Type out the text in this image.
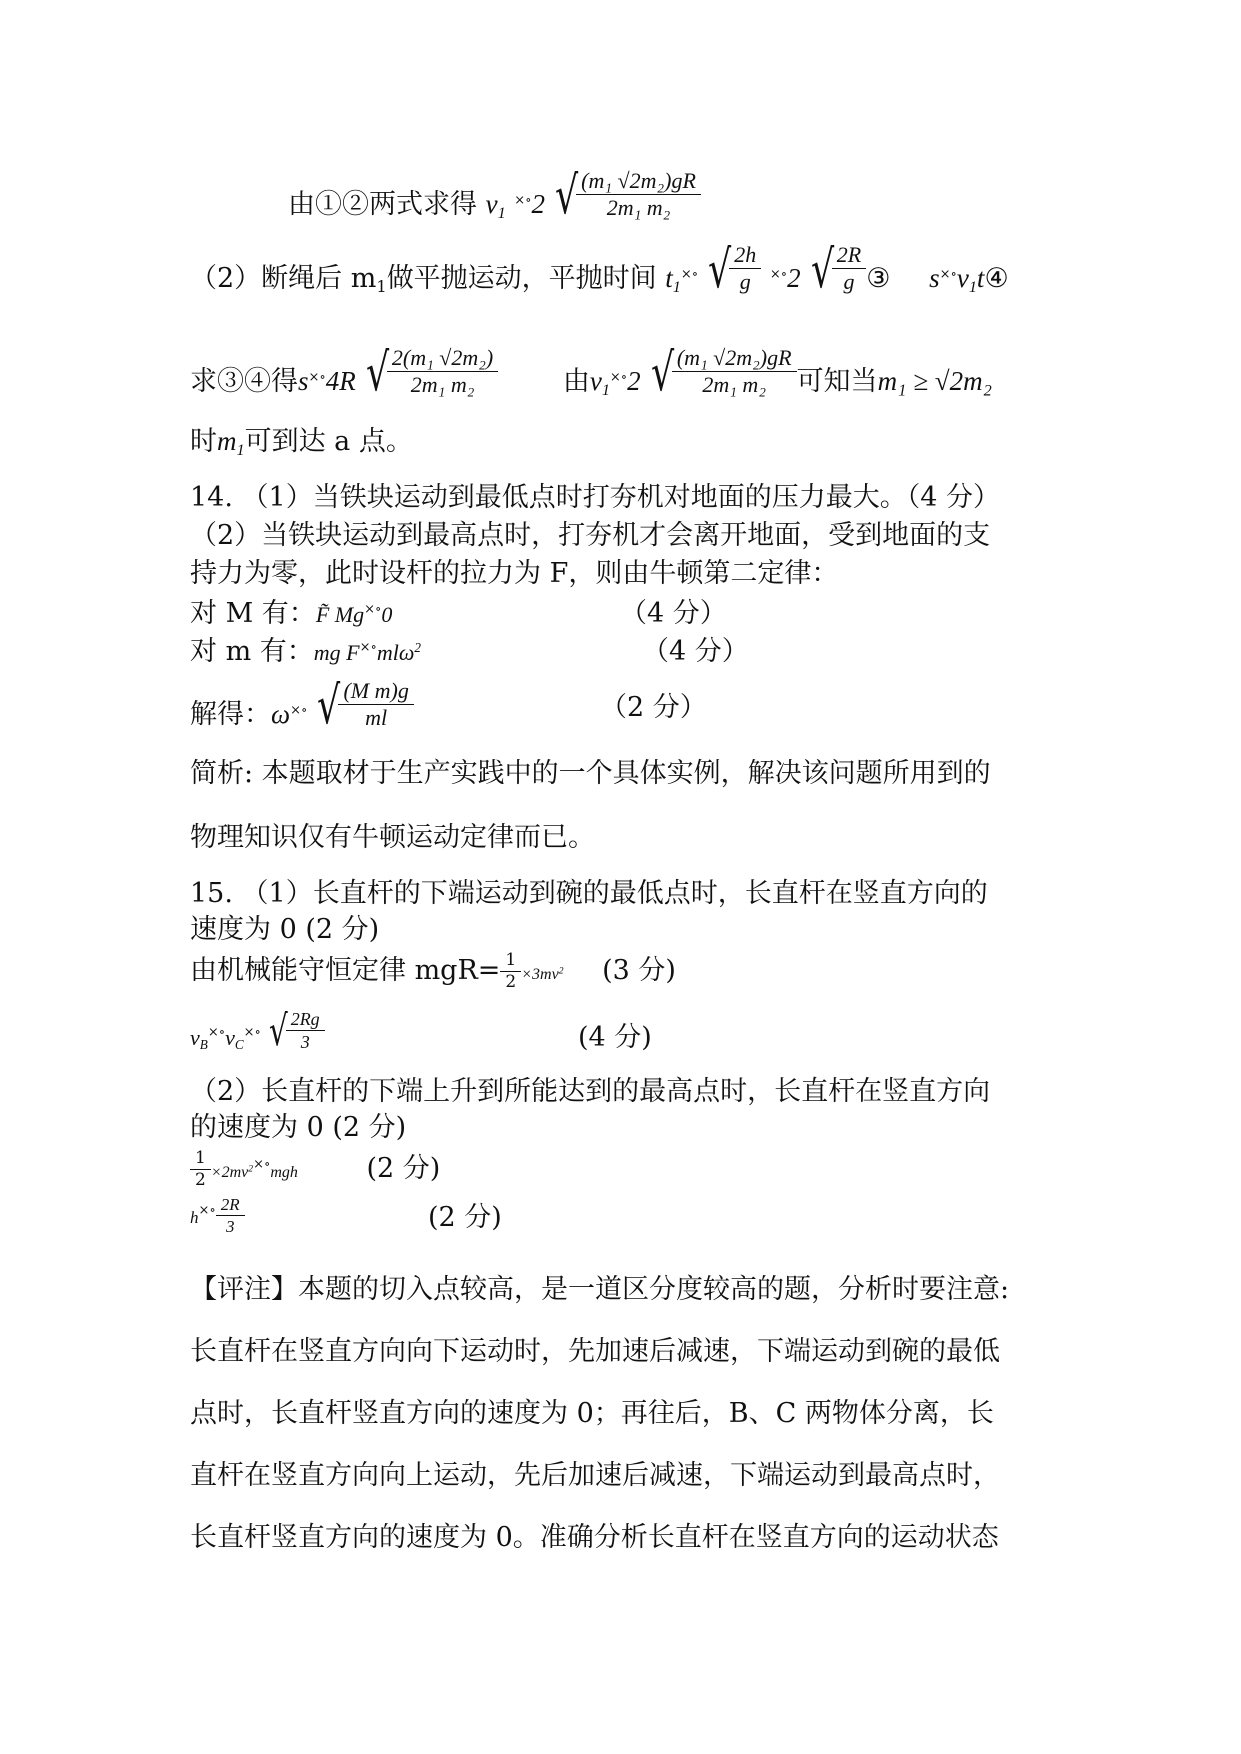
由①②两式求得 $v_1$ ×∘2 √ (m₁ √2m₂)gR
2m₁ m₂
（2）断绳后 $m_1$做平抛运动，平抛时间 $t_1^{\times\circ}$ √ 2h
g	×∘2 √ 2R
g ③ $s^{\times\circ}v_1t④$
求③④得s×∘4R √ 2(m₁ √2m₂)
2m₁ m₂	由$v_1^{\times\circ}2$ √ (m₁ √2m₂)gR
2m₁ m₂ 可知当m₁ ≥ √2m₂
时$m_1$可到达 a 点。
14. （1）当铁块运动到最低点时打夯机对地面的压力最大。（4 分）
（2）当铁块运动到最高点时，打夯机才会离开地面，受到地面的支
持力为零，此时设杆的拉力为 F，则由牛顿第二定律：
对 M 有：F̃ Mg×∘0	（4 分）
对 m 有：mg F×∘mlω$^2$	（4 分）
解得：ω×∘ √ (M m)g
ml	（2 分）
简析: 本题取材于生产实践中的一个具体实例，解决该问题所用到的
物理知识仅有牛顿运动定律而已。
15. （1）长直杆的下端运动到碗的最低点时，长直杆在竖直方向的
速度为 0 (2 分)
由机械能守恒定律 $mgR= \frac{1}{2} \times 3mv^2$ (3 分)
$v_B^{\times\circ}v_C^{\times\circ}$ √ 2Rg
3	(4 分)
（2）长直杆的下端上升到所能达到的最高点时，长直杆在竖直方向
的速度为 0 (2 分)
$\frac{1}{2} \times 2mv^{2\times\circ}mgh$	(2 分)
$h^{\times\circ} \frac{2R}{3}$	(2 分)
【评注】本题的切入点较高，是一道区分度较高的题，分析时要注意:
长直杆在竖直方向向下运动时，先加速后减速，下端运动到碗的最低
点时，长直杆竖直方向的速度为 0；再往后，B、C 两物体分离，长
直杆在竖直方向向上运动，先后加速后减速，下端运动到最高点时，
长直杆竖直方向的速度为 0。准确分析长直杆在竖直方向的运动状态
